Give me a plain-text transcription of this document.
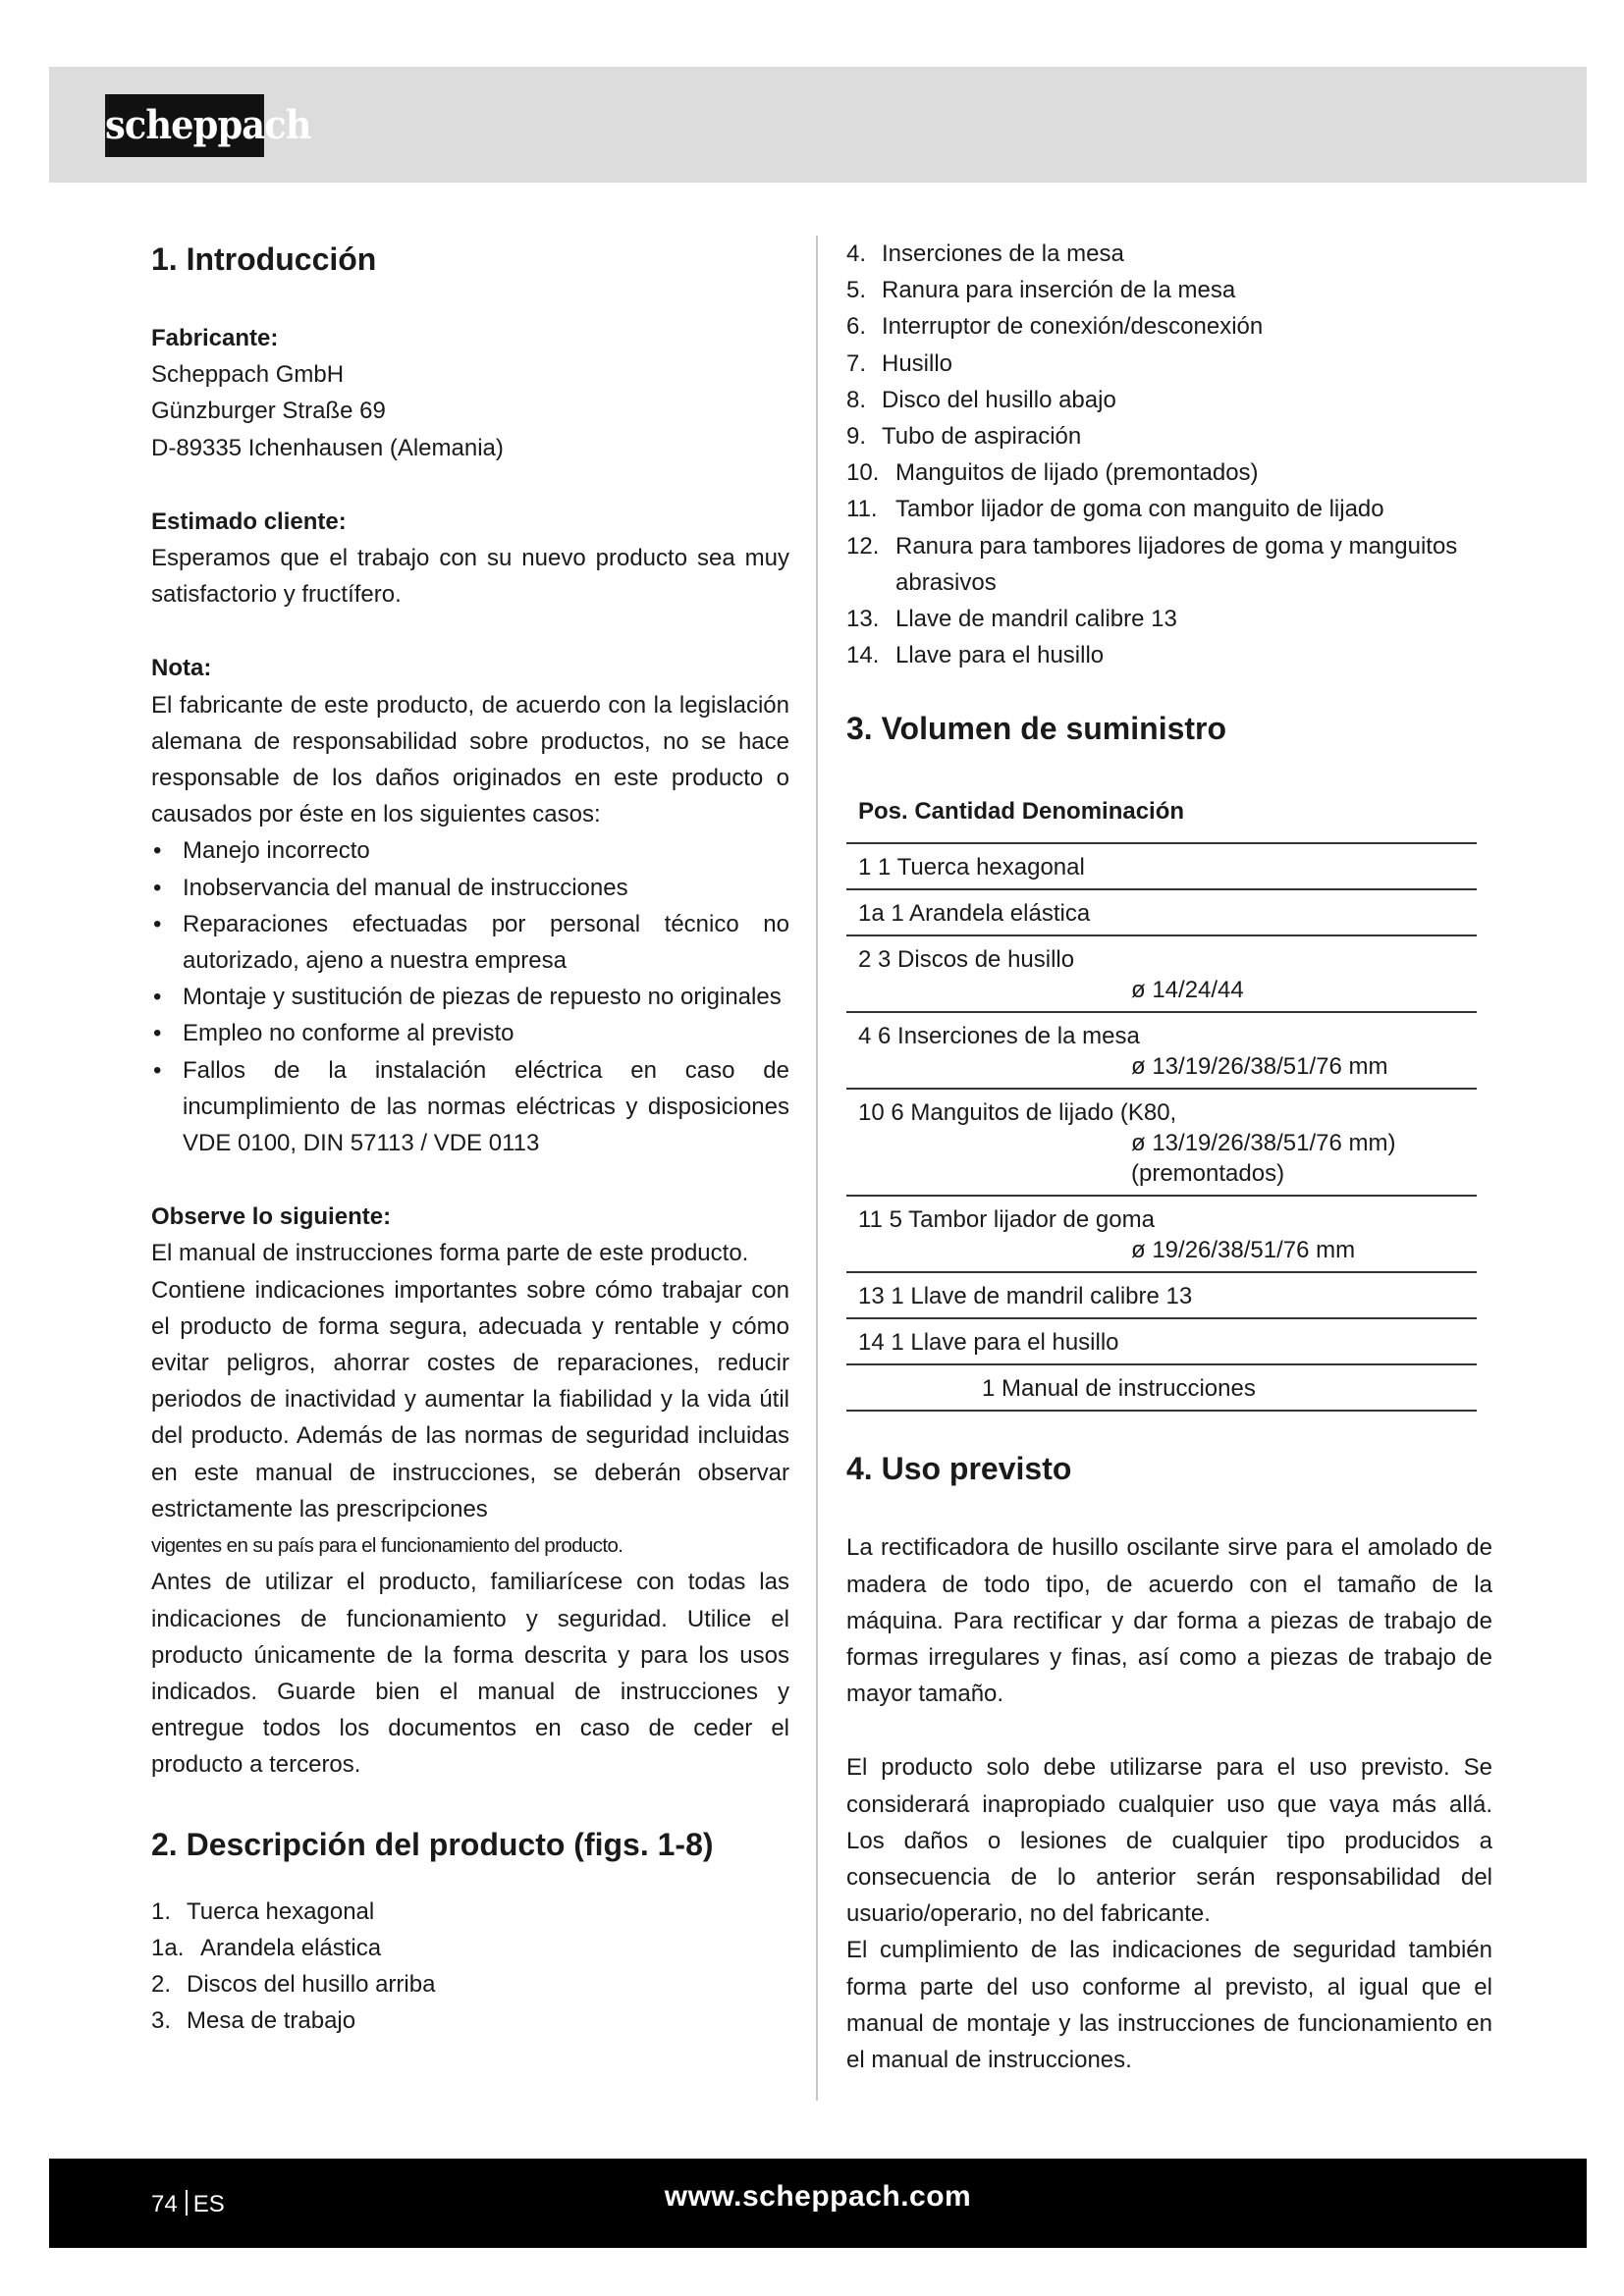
scheppach
1. Introducción

Fabricante:

Scheppach GmbH

Günzburger Straße 69

D-89335 Ichenhausen (Alemania)

Estimado cliente:

Esperamos que el trabajo con su nuevo producto sea muy satisfactorio y fructífero.

Nota:

El fabricante de este producto, de acuerdo con la legislación alemana de responsabilidad sobre productos, no se hace responsable de los daños originados en este producto o causados por éste en los siguientes casos:

• Manejo incorrecto
• Inobservancia del manual de instrucciones
• Reparaciones efectuadas por personal técnico no autorizado, ajeno a nuestra empresa
• Montaje y sustitución de piezas de repuesto no originales
• Empleo no conforme al previsto
• Fallos de la instalación eléctrica en caso de incumplimiento de las normas eléctricas y disposiciones VDE 0100, DIN 57113 / VDE 0113

Observe lo siguiente:

El manual de instrucciones forma parte de este producto.

Contiene indicaciones importantes sobre cómo trabajar con el producto de forma segura, adecuada y rentable y cómo evitar peligros, ahorrar costes de reparaciones, reducir periodos de inactividad y aumentar la fiabilidad y la vida útil del producto. Además de las normas de seguridad incluidas en este manual de instrucciones, se deberán observar estrictamente las prescripciones

vigentes en su país para el funcionamiento del producto.

Antes de utilizar el producto, familiarícese con todas las indicaciones de funcionamiento y seguridad. Utilice el producto únicamente de la forma descrita y para los usos indicados. Guarde bien el manual de instrucciones y entregue todos los documentos en caso de ceder el producto a terceros.

2. Descripción del producto (figs. 1-8)
1. Tuerca hexagonal
1a. Arandela elástica
2. Discos del husillo arriba
3. Mesa de trabajo
4. Inserciones de la mesa
5. Ranura para inserción de la mesa
6. Interruptor de conexión/desconexión
7. Husillo
8. Disco del husillo abajo
9. Tubo de aspiración
10. Manguitos de lijado (premontados)
11. Tambor lijador de goma con manguito de lijado
12. Ranura para tambores lijadores de goma y manguitos abrasivos
13. Llave de mandril calibre 13
14. Llave para el husillo
3. Volumen de suministro
Pos. Cantidad Denominación
1 1 Tuerca hexagonal
1a 1 Arandela elástica
2 3 Discos de husillo
ø 14/24/44

4 6 Inserciones de la mesa
ø 13/19/26/38/51/76 mm

10 6 Manguitos de lijado (K80,
ø 13/19/26/38/51/76 mm)
(premontados)

11 5 Tambor lijador de goma
ø 19/26/38/51/76 mm

13 1 Llave de mandril calibre 13
14 1 Llave para el husillo
1 Manual de instrucciones
4. Uso previsto

La rectificadora de husillo oscilante sirve para el amolado de madera de todo tipo, de acuerdo con el tamaño de la máquina. Para rectificar y dar forma a piezas de trabajo de formas irregulares y finas, así como a piezas de trabajo de mayor tamaño.

El producto solo debe utilizarse para el uso previsto. Se considerará inapropiado cualquier uso que vaya más allá. Los daños o lesiones de cualquier tipo producidos a consecuencia de lo anterior serán responsabilidad del usuario/operario, no del fabricante.

El cumplimiento de las indicaciones de seguridad también forma parte del uso conforme al previsto, al igual que el manual de montaje y las instrucciones de funcionamiento en el manual de instrucciones.

74 ES	www.scheppach.com
